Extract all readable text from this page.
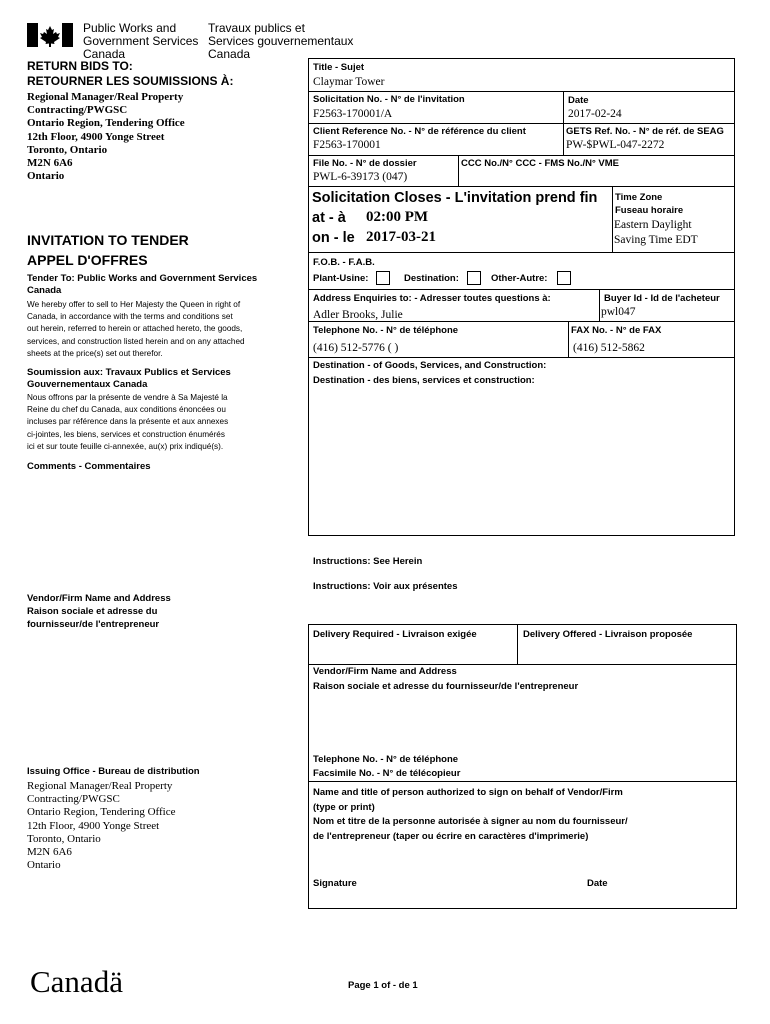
Public Works and
Government Services
Canada
Travaux publics et
Services gouvernementaux
Canada
RETURN BIDS TO:
RETOURNER LES SOUMISSIONS À:
Regional Manager/Real Property
Contracting/PWGSC
Ontario Region, Tendering Office
12th Floor, 4900 Yonge Street
Toronto, Ontario
M2N 6A6
Ontario
INVITATION TO TENDER
APPEL D'OFFRES
Tender To: Public Works and Government Services
Canada
We hereby offer to sell to Her Majesty the Queen in right of
Canada, in accordance with the terms and conditions set
out herein, referred to herein or attached hereto, the goods,
services, and construction listed herein and on any attached
sheets at the price(s) set out therefor.
Soumission aux: Travaux Publics et Services
Gouvernementaux Canada
Nous offrons par la présente de vendre à Sa Majesté la
Reine du chef du Canada, aux conditions énoncées ou
incluses par référence dans la présente et aux annexes
ci-jointes, les biens, services et construction énumérés
ici et sur toute feuille ci-annexée, au(x) prix indiqué(s).
Comments - Commentaires
Vendor/Firm Name and Address
Raison sociale et adresse du
fournisseur/de l'entrepreneur
Issuing Office - Bureau de distribution
Regional Manager/Real Property
Contracting/PWGSC
Ontario Region, Tendering Office
12th Floor, 4900 Yonge Street
Toronto, Ontario
M2N 6A6
Ontario
Canadä
Title - Sujet
Claymar Tower
Solicitation No. - N° de l'invitation
F2563-170001/A
Date
2017-02-24
Client Reference No. - N° de référence du client
F2563-170001
GETS Ref. No. - N° de réf. de SEAG
PW-$PWL-047-2272
File No. - N° de dossier
PWL-6-39173 (047)
CCC No./N° CCC - FMS No./N° VME
Solicitation Closes - L'invitation prend fin
at - à 02:00 PM
on - le 2017-03-21
Time Zone
Fuseau horaire
Eastern Daylight
Saving Time EDT
F.O.B. - F.A.B.
Plant-Usine:	Destination:	Other-Autre:
Address Enquiries to: - Adresser toutes questions à:
Adler Brooks, Julie
Buyer Id - Id de l'acheteur
pwl047
Telephone No. - N° de téléphone
(416) 512-5776 ( )
FAX No. - N° de FAX
(416) 512-5862
Destination - of Goods, Services, and Construction:
Destination - des biens, services et construction:
Instructions: See Herein
Instructions: Voir aux présentes
Delivery Required - Livraison exigée	Delivery Offered - Livraison proposée
Vendor/Firm Name and Address
Raison sociale et adresse du fournisseur/de l'entrepreneur
Telephone No. - N° de téléphone
Facsimile No. - N° de télécopieur
Name and title of person authorized to sign on behalf of Vendor/Firm
(type or print)
Nom et titre de la personne autorisée à signer au nom du fournisseur/
de l'entrepreneur (taper ou écrire en caractères d'imprimerie)
Signature	Date
Page 1 of - de 1
